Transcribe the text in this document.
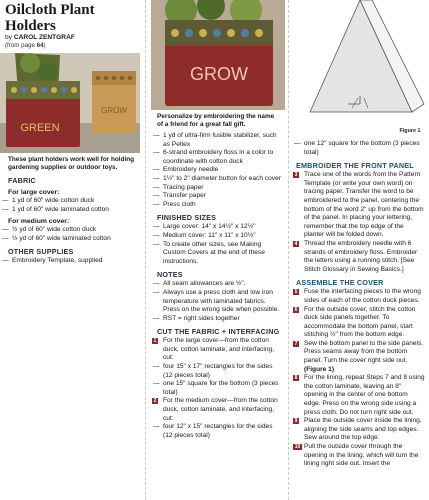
Oilcloth Plant Holders
by CAROL ZENTGRAF
(from page 64)
GROW
GREEN
These plant holders work well for holding gardening supplies or outdoor toys.
FABRIC
For large cover:
— 1 yd of 60" wide cotton duck
— 1 yd of 60" wide laminated cotton
For medium cover:
— ½ yd of 60" wide cotton duck
— ½ yd of 60" wide laminated cotton
OTHER SUPPLIES
— Embroidery Template, supplied
GROW
Personalize by embroidering the name of a friend for a great fall gift.
— 1 yd of ultra-firm fusible stabilizer, such as Peltex
— 6-strand embroidery floss in a color to coordinate with cotton duck
— Embroidery needle
— 1½" to 2" diameter button for each cover
— Tracing paper
— Transfer paper
— Press cloth
FINISHED SIZES
— Large cover: 14" x 14½" x 12½"
— Medium cover: 11" x 11" x 10½"
— To create other sizes, see Making Custom Covers at the end of these instructions.
NOTES
— All seam allowances are ½".
— Always use a press cloth and low iron temperature with laminated fabrics. Press on the wrong side when possible.
— RST = right sides together
CUT THE FABRIC + INTERFACING
1 For the large cover—from the cotton duck, cotton laminate, and interfacing, cut:
— four 15" x 17" rectangles for the sides (12 pieces total)
— one 15" square for the bottom (3 pieces total)
2 For the medium cover—from the cotton duck, cotton laminate, and interfacing, cut:
— four 12" x 15" rectangles for the sides (12 pieces total)
Figure 1
— one 12" square for the bottom (3 pieces total)
EMBROIDER THE FRONT PANEL
3 Trace one of the words from the Pattern Template (or write your own word) on tracing paper. Transfer the word to be embroidered to the panel, centering the bottom of the word 2" up from the bottom of the panel. In placing your lettering, remember that the top edge of the planter will be folded down.
4 Thread the embroidery needle with 6 strands of embroidery floss. Embroider the letters using a running stitch. [See Stitch Glossary in Sewing Basics.]
ASSEMBLE THE COVER
5 Fuse the interfacing pieces to the wrong sides of each of the cotton duck pieces.
6 For the outside cover, stitch the cotton duck side panels together. To accommodate the bottom panel, start stitching ½" from the bottom edge.
7 Sew the bottom panel to the side panels. Press seams away from the bottom panel. Turn the cover right side out. (Figure 1)
8 For the lining, repeat Steps 7 and 8 using the cotton laminate, leaving an 8" opening in the center of one bottom edge. Press on the wrong side using a press cloth. Do not turn right side out.
9 Place the outside cover inside the lining, aligning the side seams and top edges. Sew around the top edge.
10 Pull the outside cover through the opening in the lining, which will turn the lining right side out. Insert the
